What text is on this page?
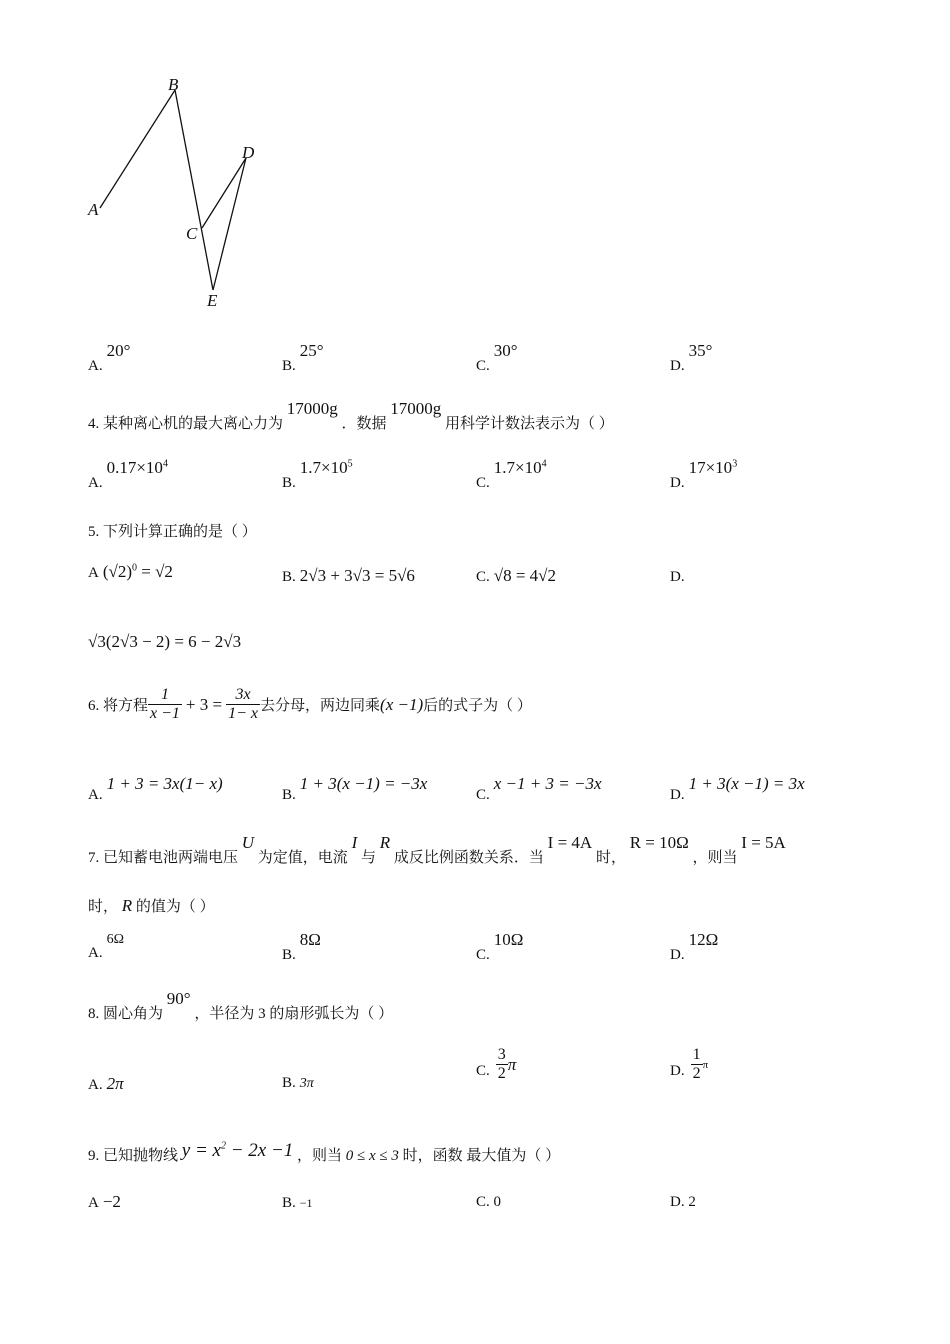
B
A
D
C
E
A. 20°
B. 25°
C. 30°
D. 35°
4. 某种离心机的最大离心力为 17000g ．数据 17000g 用科学计数法表示为（ ）
A. $0.17\times 10^4$
B. $1.7\times 10^5$
C. $1.7\times 10^4$
D. $17\times 10^3$
5. 下列计算正确的是（ ）
A $(√2)^0 = √2$	B. 2√3 + 3√3 = 5√6	C. √8 = 4√2	D.
√3(2√3 − 2) = 6 − 2√3
6. 将方程 $\frac{1}{x -1} + 3 = \frac{3x}{1- x}$ 去分母，两边同乘 (x −1) 后的式子为（ ）
A. 1 + 3 = 3x(1− x)
B. 1 + 3(x −1) = −3x
C. x −1 + 3 = −3x
D. 1 + 3(x −1) = 3x
7. 已知蓄电池两端电压 U 为定值，电流 I 与 R 成反比例函数关系．当 I = 4A 时， R = 10Ω ，则当 I = 5A
时， R 的值为（ ）
A. 6Ω
B. 8Ω
C. 10Ω
D. 12Ω
8. 圆心角为 90° ，半径为 3 的扇形弧长为（ ）
A. 2π	B. 3π
C. $\frac{3}{2}$ π	D. $\frac{1}{2}$ π
9. 已知抛物线 $y = x^2 - 2x -1$ ，则当 0 ≤ x ≤ 3 时，函数 最大值为（ ）
A −2	B. −1	C. 0	D. 2
